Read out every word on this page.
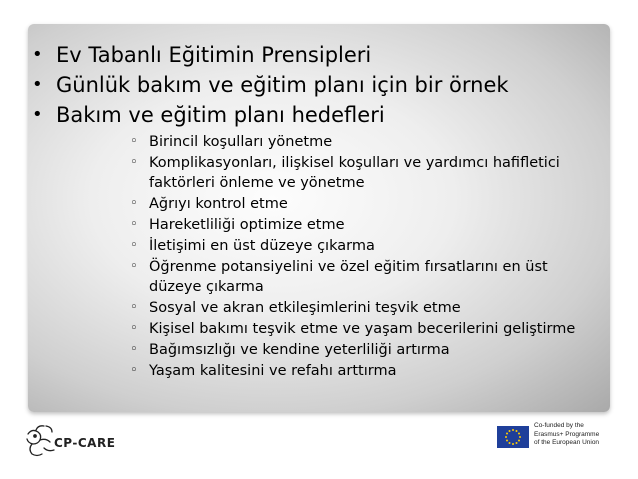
• Ev Tabanlı Eğitimin Prensipleri
• Günlük bakım ve eğitim planı için bir örnek
• Bakım ve eğitim planı hedefleri
◦ Birincil koşulları yönetme
◦ Komplikasyonları, ilişkisel koşulları ve yardımcı hafifletici faktörleri önleme ve yönetme
◦ Ağrıyı kontrol etme
◦ Hareketliliği optimize etme
◦ İletişimi en üst düzeye çıkarma
◦ Öğrenme potansiyelini ve özel eğitim fırsatlarını en üst düzeye çıkarma
◦ Sosyal ve akran etkileşimlerini teşvik etme
◦ Kişisel bakımı teşvik etme ve yaşam becerilerini geliştirme
◦ Bağımsızlığı ve kendine yeterliliği artırma
◦ Yaşam kalitesini ve refahı arttırma
CP-CARE
Co-funded by the
Erasmus+ Programme
of the European Union
